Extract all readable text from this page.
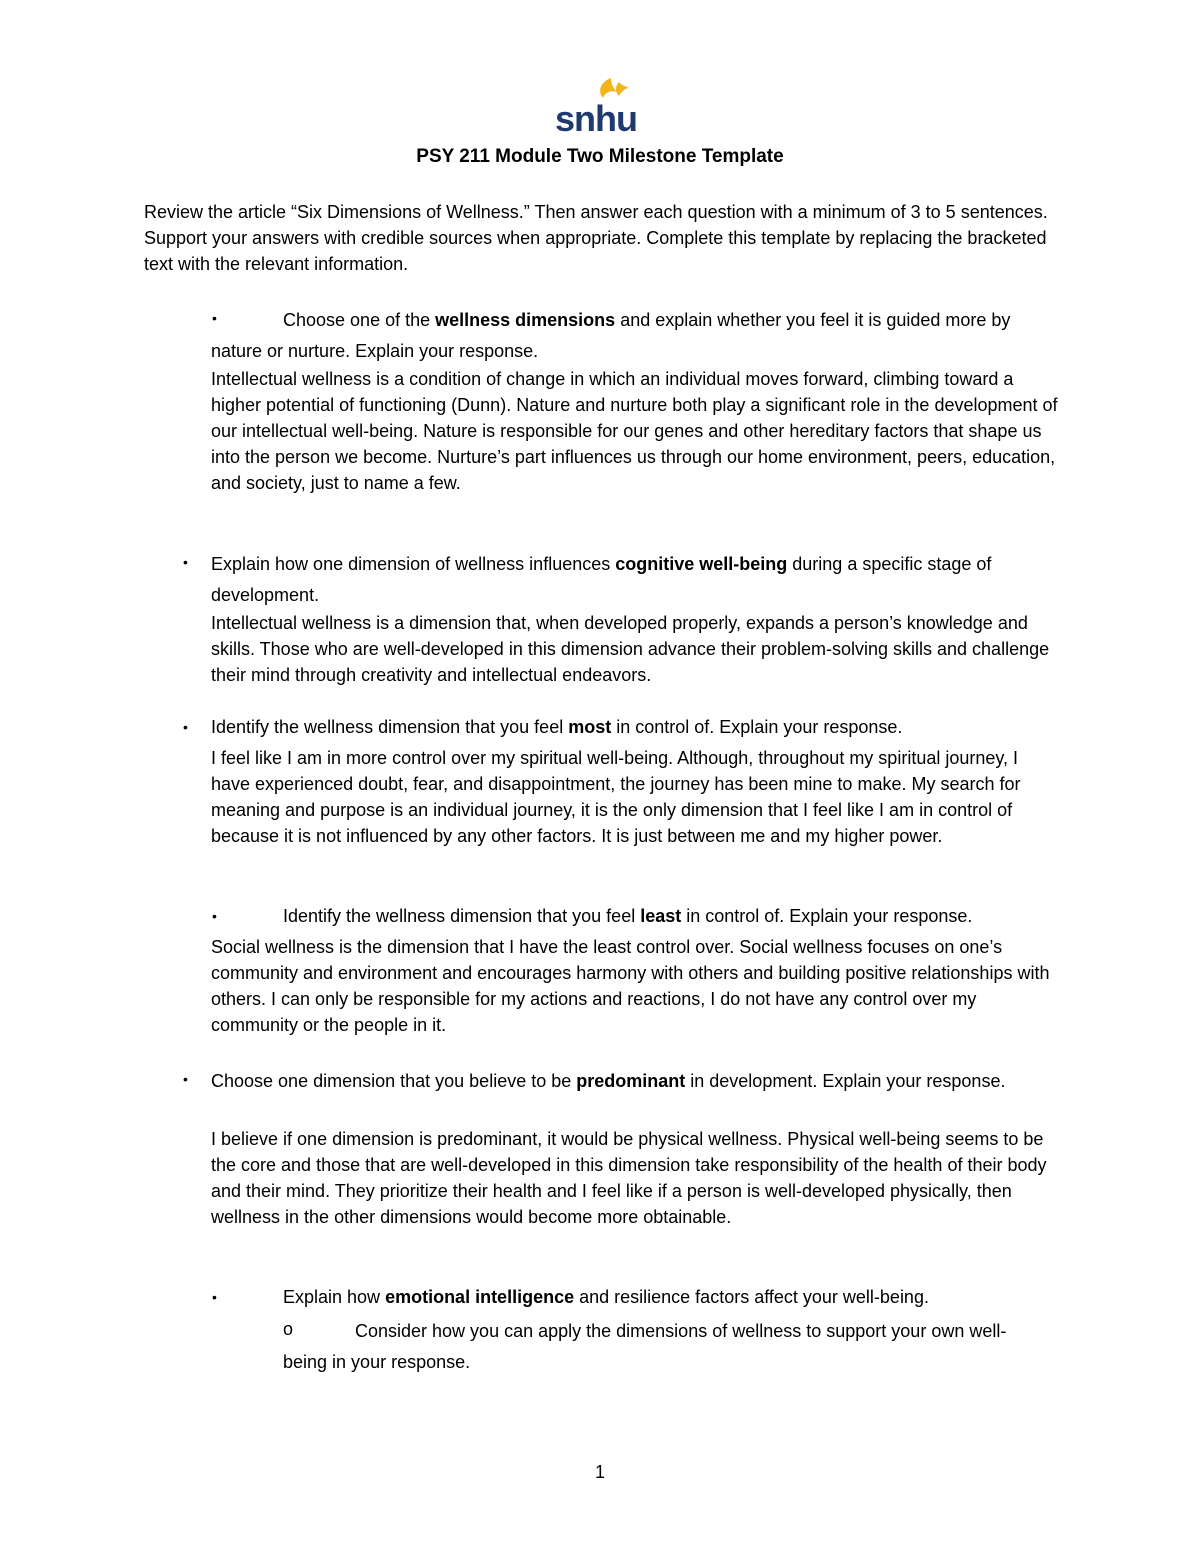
snhu
PSY 211 Module Two Milestone Template

Review the article “Six Dimensions of Wellness.” Then answer each question with a minimum of 3 to 5 sentences. Support your answers with credible sources when appropriate. Complete this template by replacing the bracketed text with the relevant information.

•	Choose one of the wellness dimensions and explain whether you feel it is guided more by nature or nurture. Explain your response.

Intellectual wellness is a condition of change in which an individual moves forward, climbing toward a higher potential of functioning (Dunn). Nature and nurture both play a significant role in the development of our intellectual well-being. Nature is responsible for our genes and other hereditary factors that shape us into the person we become. Nurture’s part influences us through our home environment, peers, education, and society, just to name a few.

• Explain how one dimension of wellness influences cognitive well-being during a specific stage of development.

Intellectual wellness is a dimension that, when developed properly, expands a person’s knowledge and skills. Those who are well-developed in this dimension advance their problem-solving skills and challenge their mind through creativity and intellectual endeavors.

• Identify the wellness dimension that you feel most in control of. Explain your response.

I feel like I am in more control over my spiritual well-being. Although, throughout my spiritual journey, I have experienced doubt, fear, and disappointment, the journey has been mine to make. My search for meaning and purpose is an individual journey, it is the only dimension that I feel like I am in control of because it is not influenced by any other factors. It is just between me and my higher power.

•	Identify the wellness dimension that you feel least in control of. Explain your response.

Social wellness is the dimension that I have the least control over. Social wellness focuses on one’s community and environment and encourages harmony with others and building positive relationships with others. I can only be responsible for my actions and reactions, I do not have any control over my community or the people in it.

• Choose one dimension that you believe to be predominant in development. Explain your response.

I believe if one dimension is predominant, it would be physical wellness. Physical well-being seems to be the core and those that are well-developed in this dimension take responsibility of the health of their body and their mind. They prioritize their health and I feel like if a person is well-developed physically, then wellness in the other dimensions would become more obtainable.

•	Explain how emotional intelligence and resilience factors affect your well-being.

o	Consider how you can apply the dimensions of wellness to support your own well-being in your response.

1
